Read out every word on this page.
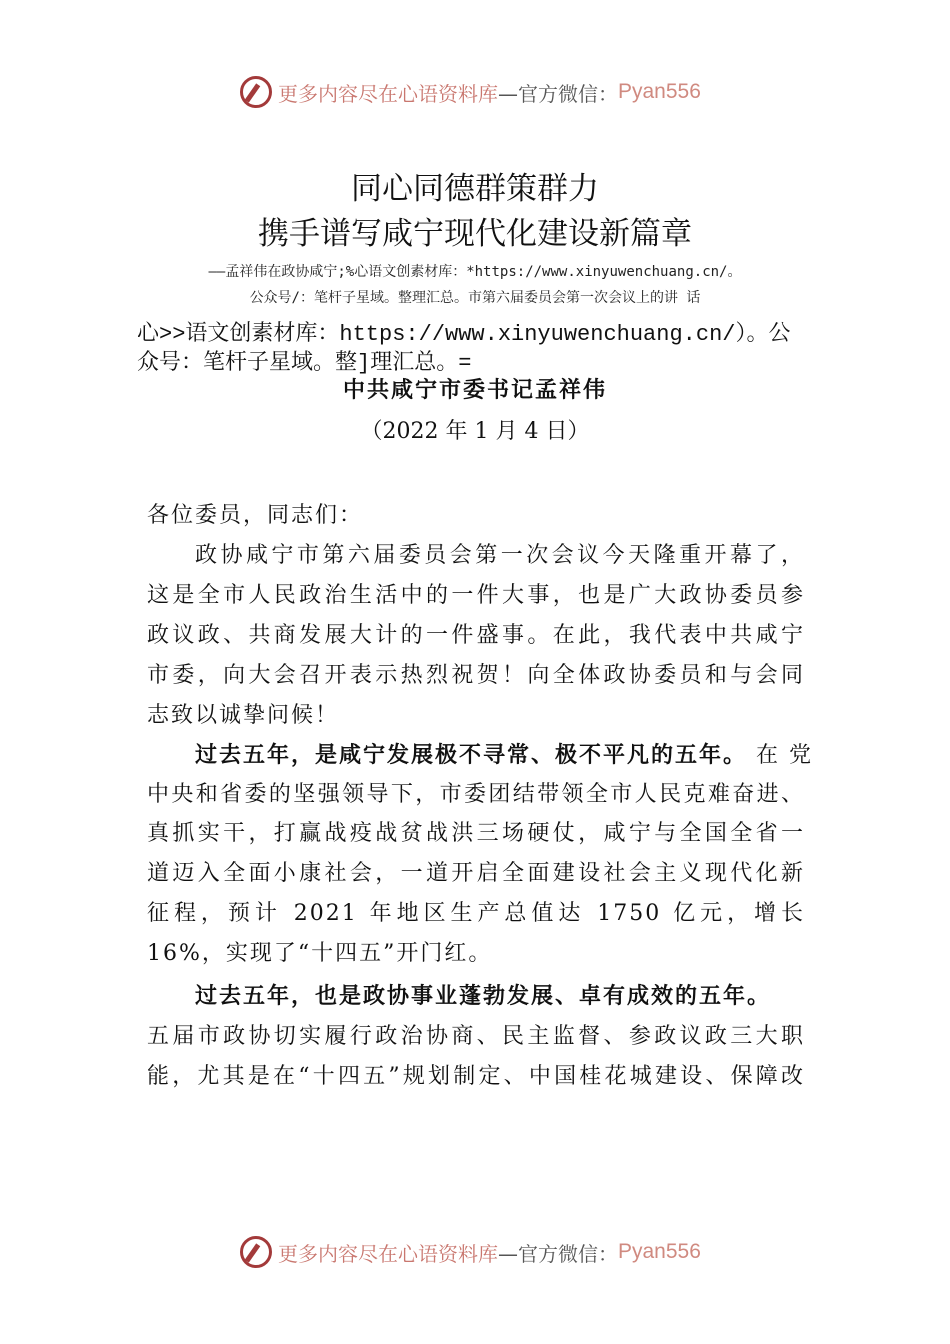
更多内容尽在心语资料库 —官方微信： Pyan556
同心同德群策群力
携手谱写咸宁现代化建设新篇章
——孟祥伟在政协咸宁;%心语文创素材库：*https://www.xinyuwenchuang.cn/。
公众号/：笔杆子星域。整理汇总。市第六届委员会第一次会议上的讲 话
心>>语文创素材库：https://www.xinyuwenchuang.cn/）。公
众号：笔杆子星域。整]理汇总。=
中共咸宁市委书记孟祥伟
（2022 年 1 月 4 日）
各位委员，同志们：
政协咸宁市第六届委员会第一次会议今天隆重开幕了，
这是全市人民政治生活中的一件大事，也是广大政协委员参
政议政、共商发展大计的一件盛事。在此，我代表中共咸宁
市委，向大会召开表示热烈祝贺！向全体政协委员和与会同
志致以诚挚问候！
过去五年，是咸宁发展极不寻常、极不平凡的五年。 在 党
中央和省委的坚强领导下，市委团结带领全市人民克难奋进、
真抓实干，打赢战疫战贫战洪三场硬仗，咸宁与全国全省一
道迈入全面小康社会，一道开启全面建设社会主义现代化新
征程，预计 2021 年地区生产总值达 1750 亿元，增长
16%，实现了“十四五”开门红。
过去五年，也是政协事业蓬勃发展、卓有成效的五年。
五届市政协切实履行政治协商、民主监督、参政议政三大职
能，尤其是在“十四五”规划制定、中国桂花城建设、保障改
更多内容尽在心语资料库 —官方微信： Pyan556
